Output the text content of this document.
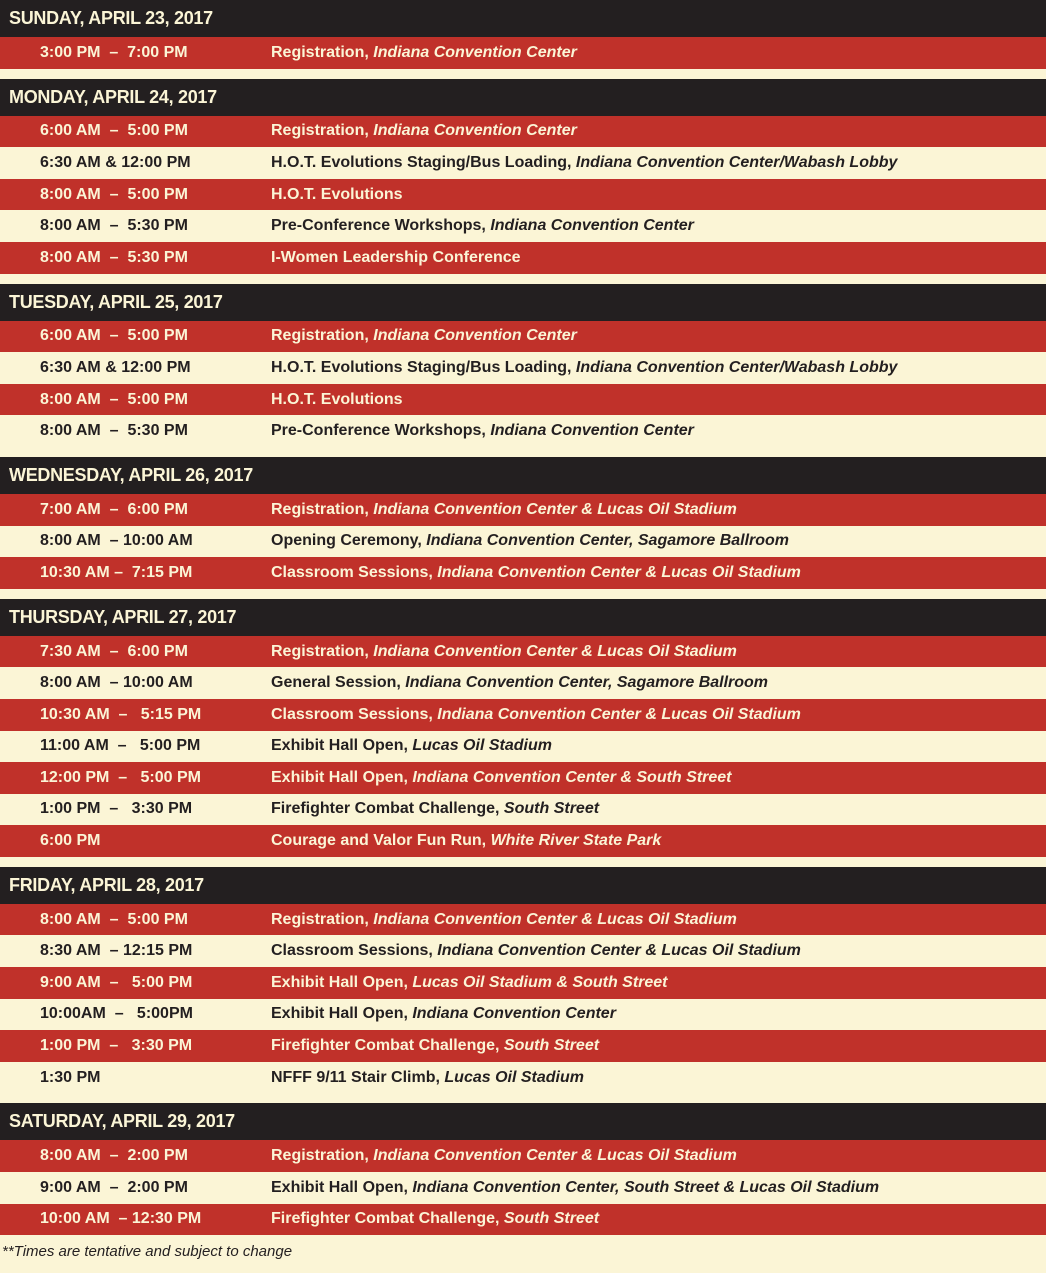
SUNDAY, APRIL 23, 2017
3:00 PM  –  7:00 PM	Registration, Indiana Convention Center
MONDAY, APRIL 24, 2017
6:00 AM  –  5:00 PM	Registration, Indiana Convention Center
6:30 AM & 12:00 PM	H.O.T. Evolutions Staging/Bus Loading, Indiana Convention Center/Wabash Lobby
8:00 AM  –  5:00 PM	H.O.T. Evolutions
8:00 AM  –  5:30 PM	Pre-Conference Workshops, Indiana Convention Center
8:00 AM  –  5:30 PM	I-Women Leadership Conference
TUESDAY, APRIL 25, 2017
6:00 AM  –  5:00 PM	Registration, Indiana Convention Center
6:30 AM & 12:00 PM	H.O.T. Evolutions Staging/Bus Loading, Indiana Convention Center/Wabash Lobby
8:00 AM  –  5:00 PM	H.O.T. Evolutions
8:00 AM  –  5:30 PM	Pre-Conference Workshops, Indiana Convention Center
WEDNESDAY, APRIL 26, 2017
7:00 AM  –  6:00 PM	Registration, Indiana Convention Center & Lucas Oil Stadium
8:00 AM  – 10:00 AM	Opening Ceremony, Indiana Convention Center, Sagamore Ballroom
10:30 AM –  7:15 PM	Classroom Sessions, Indiana Convention Center & Lucas Oil Stadium
THURSDAY, APRIL 27, 2017
7:30 AM  –  6:00 PM	Registration, Indiana Convention Center & Lucas Oil Stadium
8:00 AM  – 10:00 AM	General Session, Indiana Convention Center, Sagamore Ballroom
10:30 AM  –   5:15 PM	Classroom Sessions, Indiana Convention Center & Lucas Oil Stadium
11:00 AM  –   5:00 PM	Exhibit Hall Open, Lucas Oil Stadium
12:00 PM  –   5:00 PM	Exhibit Hall Open, Indiana Convention Center & South Street
1:00 PM  –   3:30 PM	Firefighter Combat Challenge, South Street
6:00 PM	Courage and Valor Fun Run, White River State Park
FRIDAY, APRIL 28, 2017
8:00 AM  –  5:00 PM	Registration, Indiana Convention Center & Lucas Oil Stadium
8:30 AM  – 12:15 PM	Classroom Sessions, Indiana Convention Center & Lucas Oil Stadium
9:00 AM  –   5:00 PM	Exhibit Hall Open, Lucas Oil Stadium & South Street
10:00AM  –   5:00PM	Exhibit Hall Open, Indiana Convention Center
1:00 PM  –   3:30 PM	Firefighter Combat Challenge, South Street
1:30 PM	NFFF 9/11 Stair Climb, Lucas Oil Stadium
SATURDAY, APRIL 29, 2017
8:00 AM  –  2:00 PM	Registration, Indiana Convention Center & Lucas Oil Stadium
9:00 AM  –  2:00 PM	Exhibit Hall Open, Indiana Convention Center, South Street & Lucas Oil Stadium
10:00 AM  – 12:30 PM	Firefighter Combat Challenge, South Street
**Times are tentative and subject to change
